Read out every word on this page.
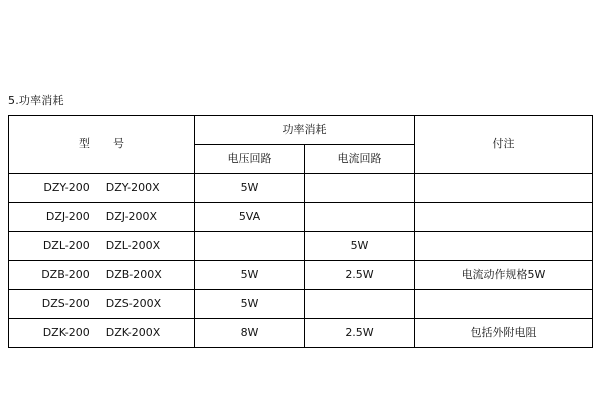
5.功率消耗
型　号	功率消耗		付注
	电压回路	电流回路	

DZY-200 DZY-200X	5W		

DZJ-200 DZJ-200X	5VA		

DZL-200 DZL-200X		5W	

DZB-200 DZB-200X	5W	2.5W	电流动作规格5W

DZS-200 DZS-200X	5W		

DZK-200 DZK-200X	8W	2.5W	包括外附电阻
